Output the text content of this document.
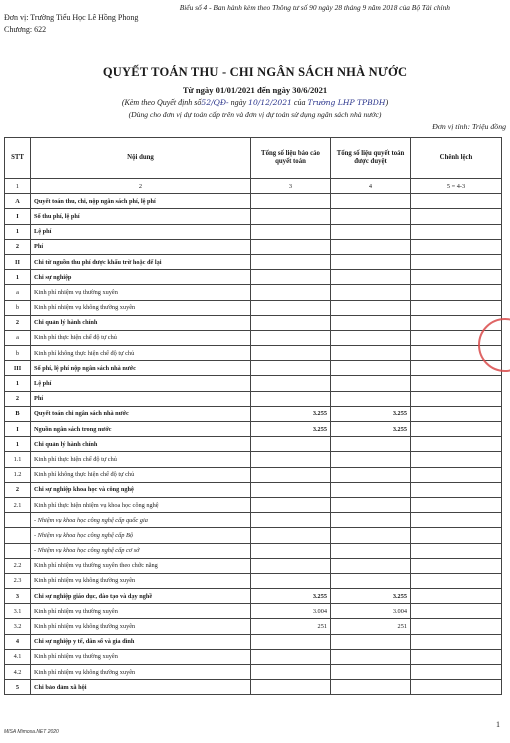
Biểu số 4 - Ban hành kèm theo Thông tư số 90 ngày 28 tháng 9 năm 2018 của Bộ Tài chính
Đơn vị: Trường Tiểu Học Lê Hồng Phong
Chương: 622
QUYẾT TOÁN THU - CHI NGÂN SÁCH NHÀ NƯỚC
Từ ngày 01/01/2021 đến ngày 30/6/2021
(Kèm theo Quyết định số52/QĐ- ngày 10/12/2021 của Trường LHP TPBDH)
(Dùng cho đơn vị dự toán cấp trên và đơn vị dự toán sử dụng ngân sách nhà nước)
Đơn vị tính: Triệu đồng
STT	Nội dung	Tổng số liệu báo cáo quyết toán	Tổng số liệu quyết toán được duyệt	Chênh lệch
1	2	3	4	5 = 4-3
A	Quyết toán thu, chi, nộp ngân sách phí, lệ phí			
I	Số thu phí, lệ phí			
1	Lệ phí			
2	Phí			
II	Chi từ nguồn thu phí được khấu trừ hoặc để lại			
1	Chi sự nghiệp			
a	Kinh phí nhiệm vụ thường xuyên			
b	Kinh phí nhiệm vụ không thường xuyên			
2	Chi quản lý hành chính			
a	Kinh phí thực hiện chế độ tự chủ			
b	Kinh phí không thực hiện chế độ tự chủ			
III	Số phí, lệ phí nộp ngân sách nhà nước			
1	Lệ phí			
2	Phí			
B	Quyết toán chi ngân sách nhà nước	3.255	3.255	
I	Nguồn ngân sách trong nước	3.255	3.255	
1	Chi quản lý hành chính			
1.1	Kinh phí thực hiện chế độ tự chủ			
1.2	Kinh phí không thực hiện chế độ tự chủ			
2	Chi sự nghiệp khoa học và công nghệ			
2.1	Kinh phí thực hiện nhiệm vụ khoa học công nghệ			
	- Nhiệm vụ khoa học công nghệ cấp quốc gia			
	- Nhiệm vụ khoa học công nghệ cấp Bộ			
	- Nhiệm vụ khoa học công nghệ cấp cơ sở			
2.2	Kinh phí nhiệm vụ thường xuyên theo chức năng			
2.3	Kinh phí nhiệm vụ không thường xuyên			
3	Chi sự nghiệp giáo dục, đào tạo và dạy nghề	3.255	3.255	
3.1	Kinh phí nhiệm vụ thường xuyên	3.004	3.004	
3.2	Kinh phí nhiệm vụ không thường xuyên	251	251	
4	Chi sự nghiệp y tế, dân số và gia đình			
4.1	Kinh phí nhiệm vụ thường xuyên			
4.2	Kinh phí nhiệm vụ không thường xuyên			
5	Chi bảo đảm xã hội			
MISA Mimosa.NET 2020
1
